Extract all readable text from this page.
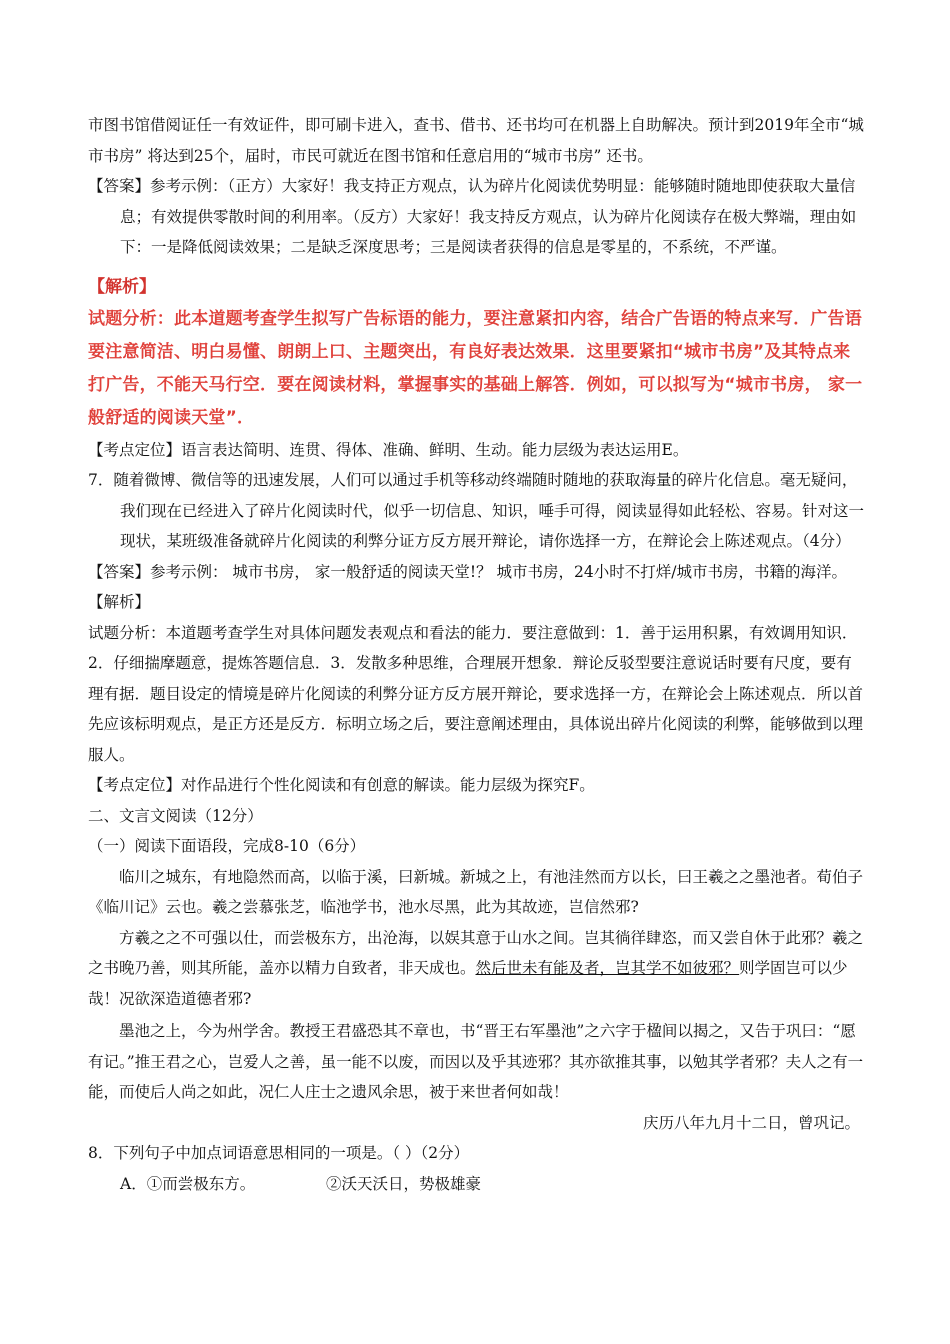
市图书馆借阅证任一有效证件，即可刷卡进入，查书、借书、还书均可在机器上自助解决。预计到2019年全市“城市书房” 将达到25个，届时，市民可就近在图书馆和任意启用的“城市书房” 还书。

【答案】参考示例：（正方）大家好！我支持正方观点，认为碎片化阅读优势明显：能够随时随地即使获取大量信息；有效提供零散时间的利用率。（反方）大家好！我支持反方观点，认为碎片化阅读存在极大弊端，理由如下：一是降低阅读效果；二是缺乏深度思考；三是阅读者获得的信息是零星的，不系统，不严谨。

【解析】

试题分析：此本道题考查学生拟写广告标语的能力，要注意紧扣内容，结合广告语的特点来写．广告语要注意简洁、明白易懂、朗朗上口、主题突出，有良好表达效果．这里要紧扣“城市书房”及其特点来打广告，不能天马行空．要在阅读材料，掌握事实的基础上解答．例如，可以拟写为“城市书房， 家一般舒适的阅读天堂”．

【考点定位】语言表达简明、连贯、得体、准确、鲜明、生动。能力层级为表达运用E。

7．随着微博、微信等的迅速发展，人们可以通过手机等移动终端随时随地的获取海量的碎片化信息。毫无疑问，我们现在已经进入了碎片化阅读时代，似乎一切信息、知识，唾手可得，阅读显得如此轻松、容易。针对这一现状，某班级准备就碎片化阅读的利弊分证方反方展开辩论，请你选择一方，在辩论会上陈述观点。（4分）

【答案】参考示例： 城市书房， 家一般舒适的阅读天堂!？ 城市书房，24小时不打烊/城市书房，书籍的海洋。

【解析】

试题分析：本道题考查学生对具体问题发表观点和看法的能力．要注意做到：1．善于运用积累，有效调用知识．2．仔细揣摩题意，提炼答题信息．3．发散多种思维，合理展开想象．辩论反驳型要注意说话时要有尺度，要有理有据．题目设定的情境是碎片化阅读的利弊分证方反方展开辩论，要求选择一方，在辩论会上陈述观点．所以首先应该标明观点，是正方还是反方．标明立场之后，要注意阐述理由，具体说出碎片化阅读的利弊，能够做到以理服人。

【考点定位】对作品进行个性化阅读和有创意的解读。能力层级为探究F。

二、文言文阅读（12分）

（一）阅读下面语段，完成8-10（6分）

临川之城东，有地隐然而高，以临于溪，曰新城。新城之上，有池洼然而方以长，曰王羲之之墨池者。荀伯子《临川记》云也。羲之尝慕张芝，临池学书，池水尽黑，此为其故迹，岂信然邪?

方羲之之不可强以仕，而尝极东方，出沧海，以娱其意于山水之间。岂其徜徉肆恣，而又尝自休于此邪？羲之之书晚乃善，则其所能，盖亦以精力自致者，非天成也。然后世未有能及者，岂其学不如彼邪？则学固岂可以少哉！况欲深造道德者邪?

墨池之上，今为州学舍。教授王君盛恐其不章也，书“晋王右军墨池”之六字于楹间以揭之，又告于巩曰：“愿有记。”推王君之心，岂爱人之善，虽一能不以废，而因以及乎其迹邪？其亦欲推其事，以勉其学者邪？夫人之有一能，而使后人尚之如此，况仁人庄士之遗风余思，被于来世者何如哉！

庆历八年九月十二日，曾巩记。

8．下列句子中加点词语意思相同的一项是。（ ）（2分）

A．①而尝极东方。	②沃天沃日，势极雄豪
